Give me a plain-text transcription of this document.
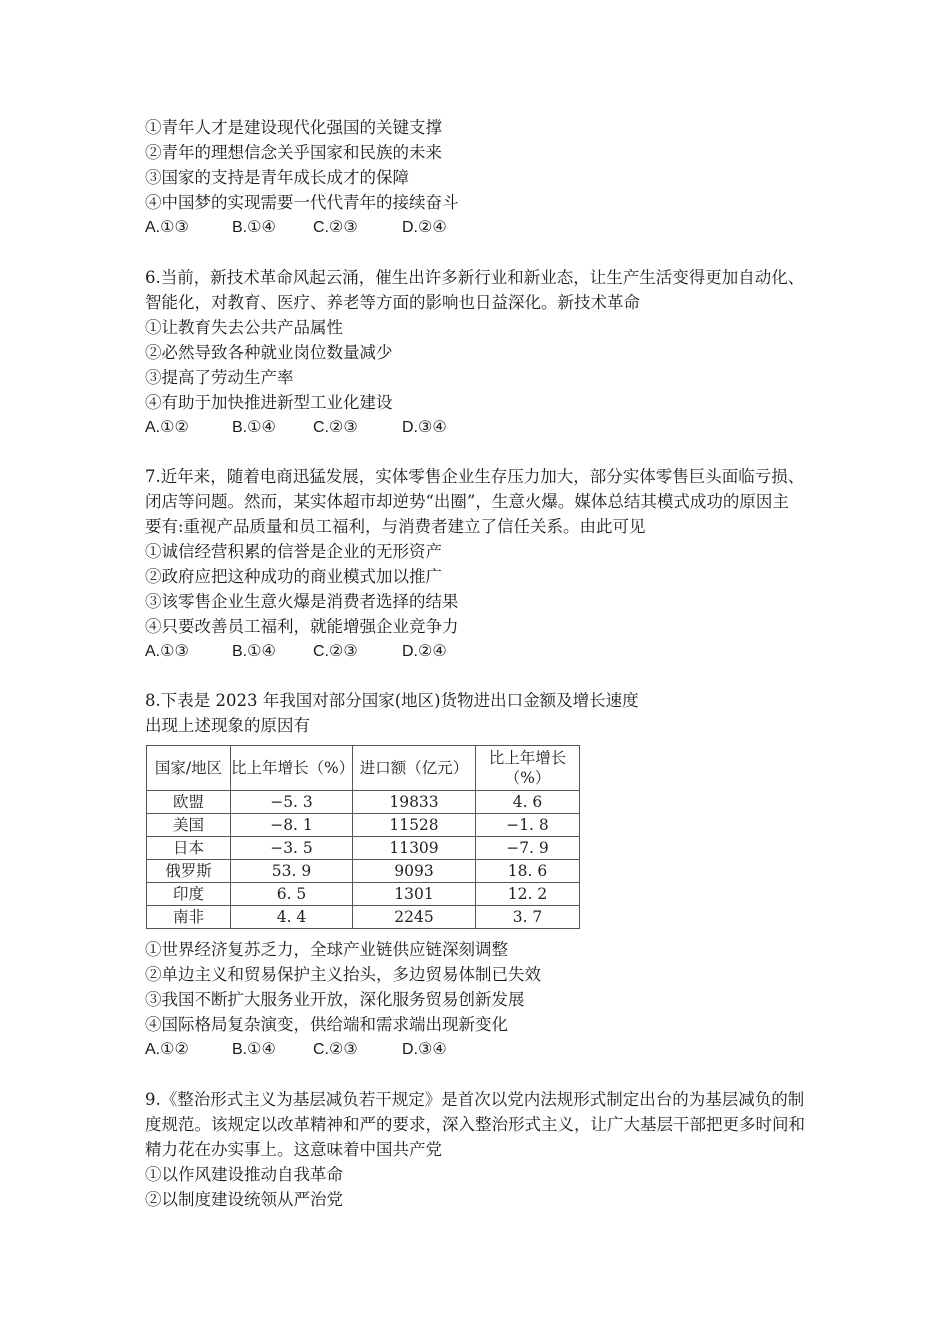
①青年人才是建设现代化强国的关键支撑
②青年的理想信念关乎国家和民族的未来
③国家的支持是青年成长成才的保障
④中国梦的实现需要一代代青年的接续奋斗
A.①③	B.①④ C.②③	D.②④
6.当前，新技术革命风起云涌，催生出许多新行业和新业态，让生产生活变得更加自动化、
智能化，对教育、医疗、养老等方面的影响也日益深化。新技术革命
①让教育失去公共产品属性
②必然导致各种就业岗位数量减少
③提高了劳动生产率
④有助于加快推进新型工业化建设
A.①②	B.①④ C.②③	D.③④
7.近年来，随着电商迅猛发展，实体零售企业生存压力加大，部分实体零售巨头面临亏损、
闭店等问题。然而，某实体超市却逆势“出圈”，生意火爆。媒体总结其模式成功的原因主
要有:重视产品质量和员工福利，与消费者建立了信任关系。由此可见
①诚信经营积累的信誉是企业的无形资产
②政府应把这种成功的商业模式加以推广
③该零售企业生意火爆是消费者选择的结果
④只要改善员工福利，就能增强企业竞争力
A.①③	B.①④ C.②③	D.②④
8.下表是 2023 年我国对部分国家(地区)货物进出口金额及增长速度
出现上述现象的原因有
国家/地区	比上年增长（%）	进口额（亿元）	比上年增长（%）
欧盟	−5. 3	19833	4. 6
美国	−8. 1	11528	−1. 8
日本	−3. 5	11309	−7. 9
俄罗斯	53. 9	9093	18. 6
印度	6. 5	1301	12. 2
南非	4. 4	2245	3. 7
①世界经济复苏乏力，全球产业链供应链深刻调整
②单边主义和贸易保护主义抬头，多边贸易体制已失效
③我国不断扩大服务业开放，深化服务贸易创新发展
④国际格局复杂演变，供给端和需求端出现新变化
A.①②	B.①④ C.②③	D.③④
9.《整治形式主义为基层减负若干规定》是首次以党内法规形式制定出台的为基层减负的制
度规范。该规定以改革精神和严的要求，深入整治形式主义，让广大基层干部把更多时间和
精力花在办实事上。这意味着中国共产党
①以作风建设推动自我革命
②以制度建设统领从严治党
